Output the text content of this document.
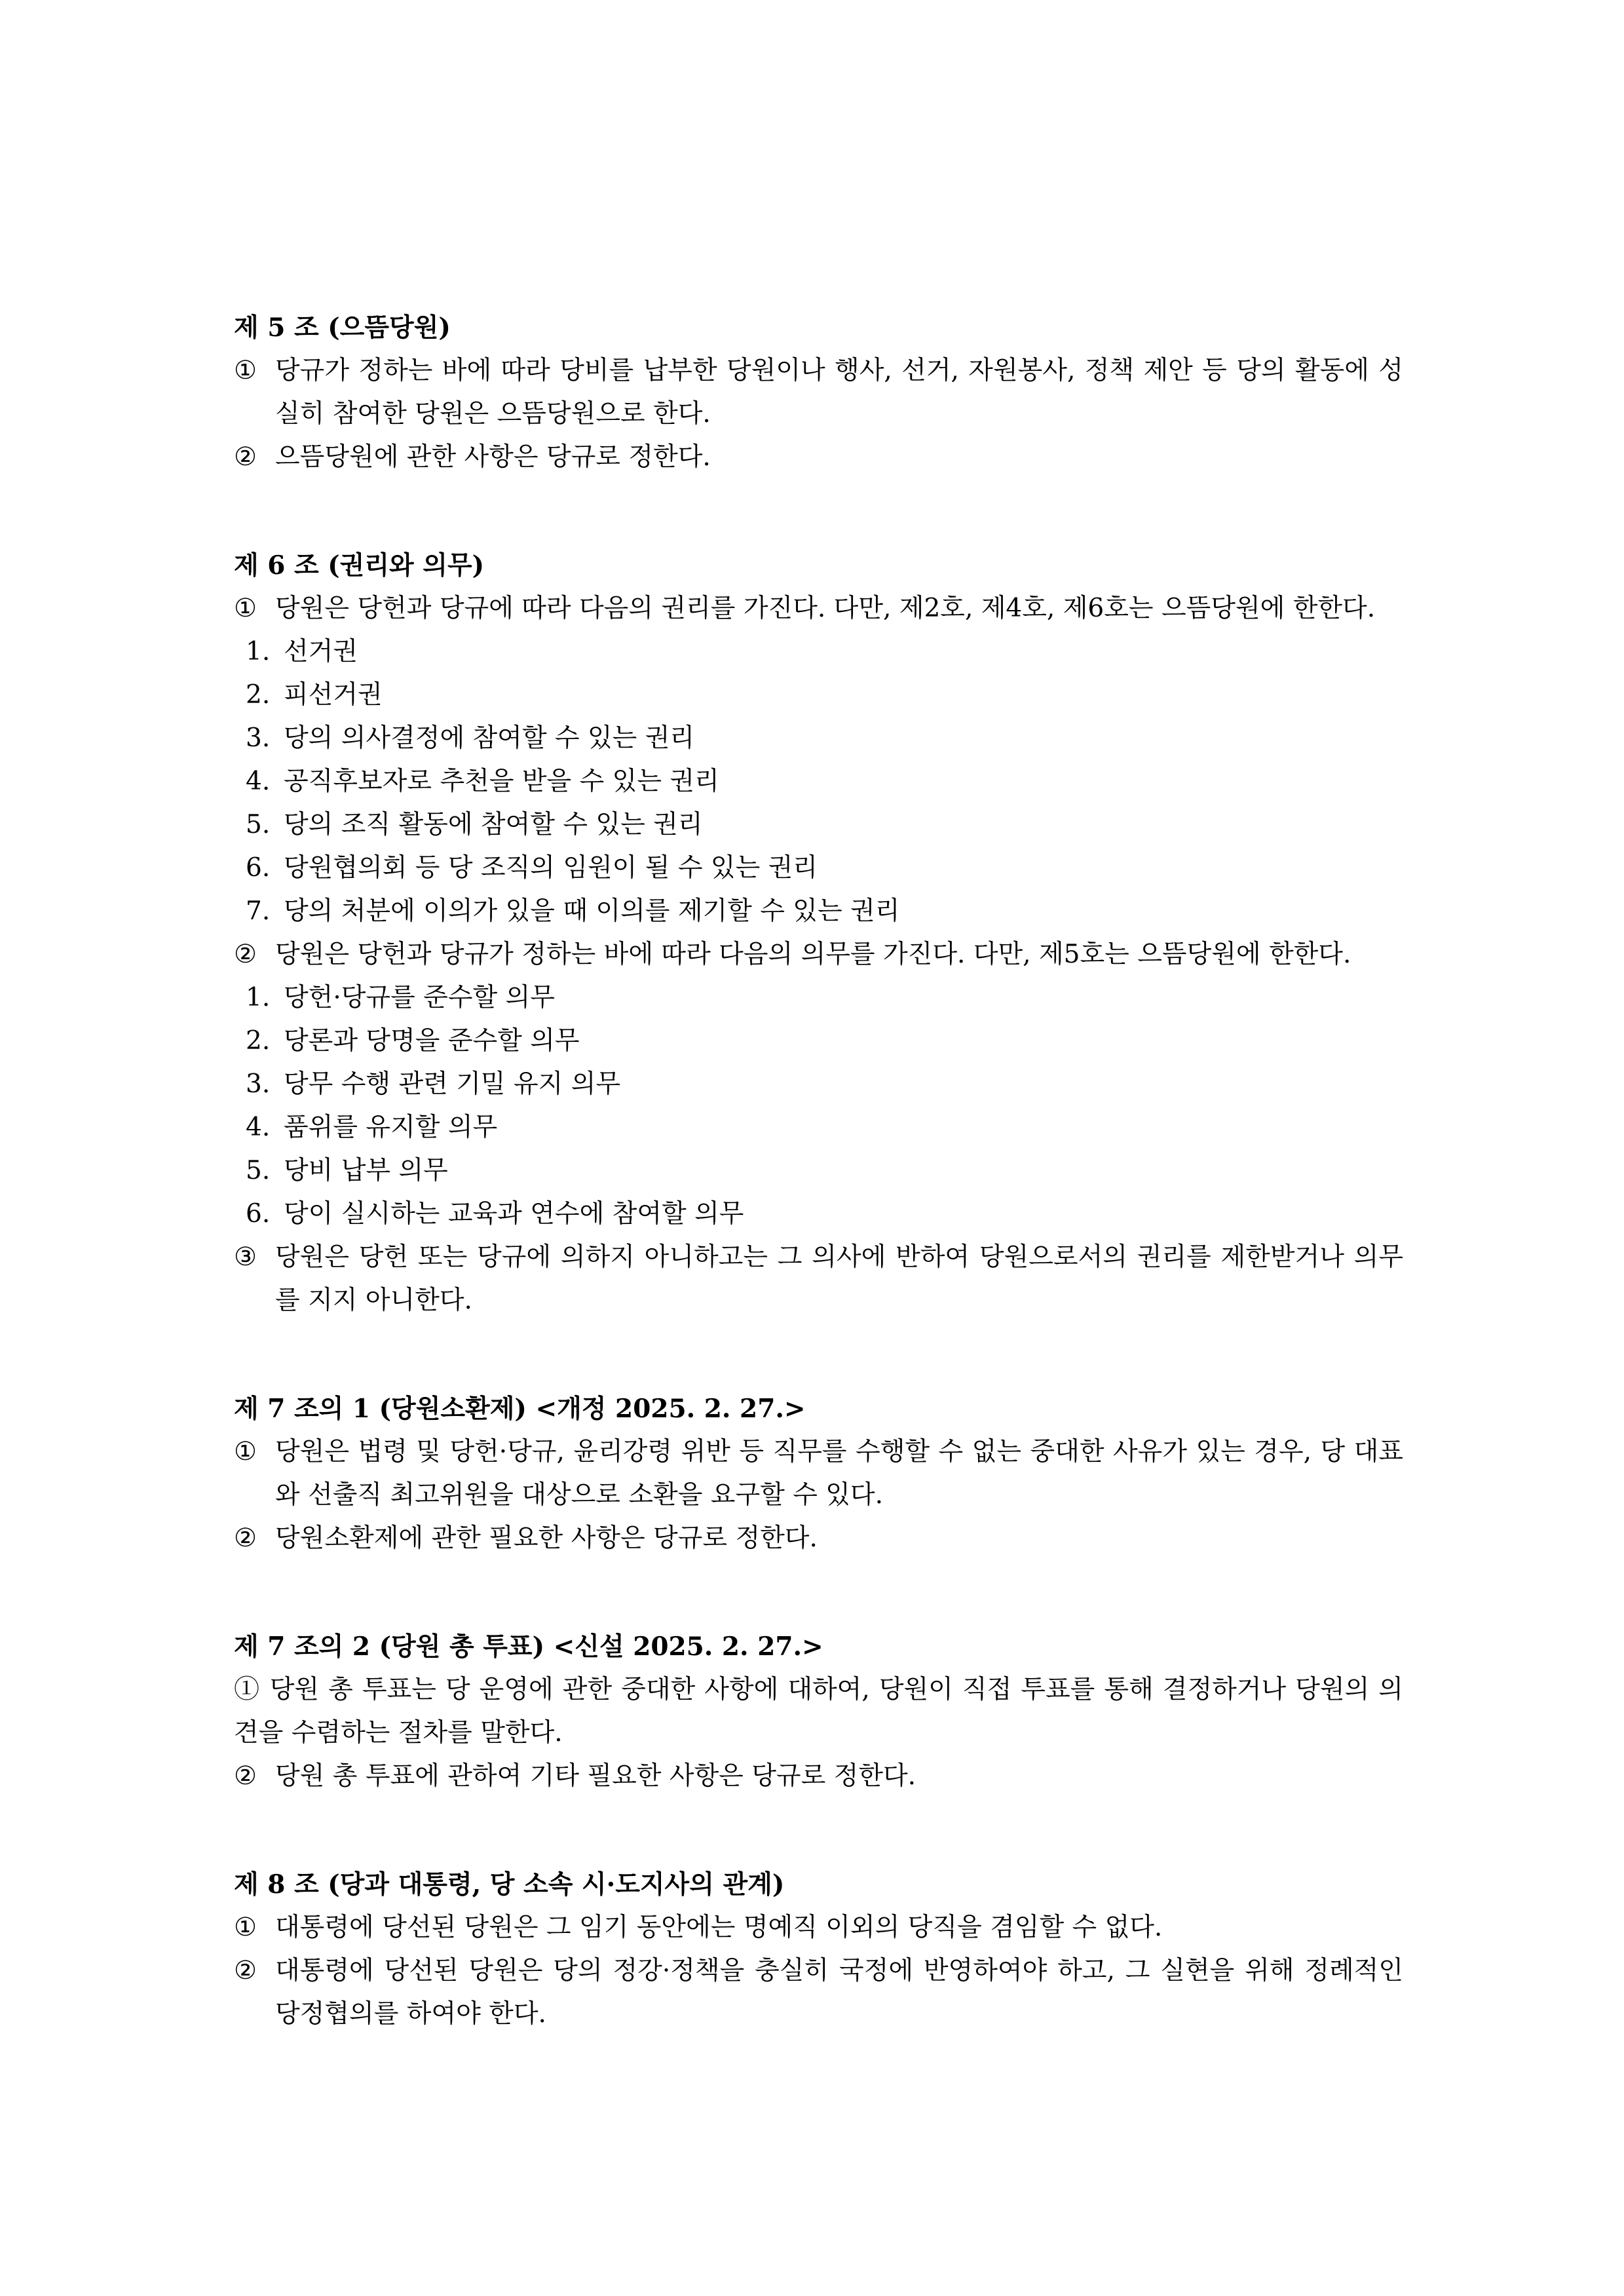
제 5 조 (으뜸당원)
① 당규가 정하는 바에 따라 당비를 납부한 당원이나 행사, 선거, 자원봉사, 정책 제안 등 당의 활동에 성실히 참여한 당원은 으뜸당원으로 한다.
② 으뜸당원에 관한 사항은 당규로 정한다.
제 6 조 (권리와 의무)
① 당원은 당헌과 당규에 따라 다음의 권리를 가진다. 다만, 제2호, 제4호, 제6호는 으뜸당원에 한한다.
1. 선거권
2. 피선거권
3. 당의 의사결정에 참여할 수 있는 권리
4. 공직후보자로 추천을 받을 수 있는 권리
5. 당의 조직 활동에 참여할 수 있는 권리
6. 당원협의회 등 당 조직의 임원이 될 수 있는 권리
7. 당의 처분에 이의가 있을 때 이의를 제기할 수 있는 권리
② 당원은 당헌과 당규가 정하는 바에 따라 다음의 의무를 가진다. 다만, 제5호는 으뜸당원에 한한다.
1. 당헌·당규를 준수할 의무
2. 당론과 당명을 준수할 의무
3. 당무 수행 관련 기밀 유지 의무
4. 품위를 유지할 의무
5. 당비 납부 의무
6. 당이 실시하는 교육과 연수에 참여할 의무
③ 당원은 당헌 또는 당규에 의하지 아니하고는 그 의사에 반하여 당원으로서의 권리를 제한받거나 의무를 지지 아니한다.
제 7 조의 1 (당원소환제) <개정 2025. 2. 27.>
① 당원은 법령 및 당헌·당규, 윤리강령 위반 등 직무를 수행할 수 없는 중대한 사유가 있는 경우, 당 대표와 선출직 최고위원을 대상으로 소환을 요구할 수 있다.
② 당원소환제에 관한 필요한 사항은 당규로 정한다.
제 7 조의 2 (당원 총 투표) <신설 2025. 2. 27.>
① 당원 총 투표는 당 운영에 관한 중대한 사항에 대하여, 당원이 직접 투표를 통해 결정하거나 당원의 의견을 수렴하는 절차를 말한다.
② 당원 총 투표에 관하여 기타 필요한 사항은 당규로 정한다.
제 8 조 (당과 대통령, 당 소속 시·도지사의 관계)
① 대통령에 당선된 당원은 그 임기 동안에는 명예직 이외의 당직을 겸임할 수 없다.
② 대통령에 당선된 당원은 당의 정강·정책을 충실히 국정에 반영하여야 하고, 그 실현을 위해 정례적인 당정협의를 하여야 한다.
